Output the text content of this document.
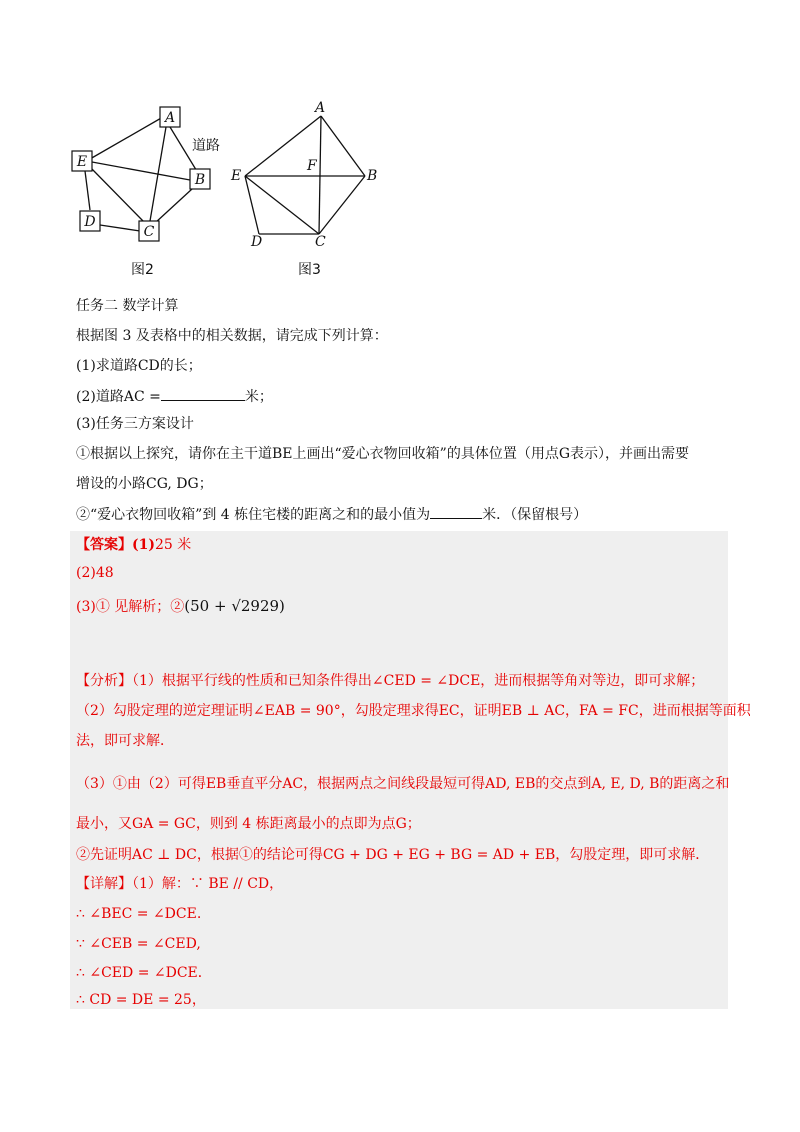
A
E
B
D
C
道路
图2
A
E
F
B
D	C
图3
任务二 数学计算
根据图 3 及表格中的相关数据，请完成下列计算：
(1)求道路CD的长；
(2)道路AC =	米；
(3)任务三方案设计
①根据以上探究，请你在主干道BE上画出“爱心衣物回收箱”的具体位置（用点G表示），并画出需要
增设的小路CG, DG；
②“爱心衣物回收箱”到 4 栋住宅楼的距离之和的最小值为	米．（保留根号）
【答案】(1)25 米
(2)48
(3)① 见解析；②(50 + √2929)
【分析】（1）根据平行线的性质和已知条件得出∠CED = ∠DCE，进而根据等角对等边，即可求解；
（2）勾股定理的逆定理证明∠EAB = 90°，勾股定理求得EC，证明EB ⊥ AC，FA = FC，进而根据等面积
法，即可求解．
（3）①由（2）可得EB垂直平分AC，根据两点之间线段最短可得AD, EB的交点到A, E, D, B的距离之和
最小，又GA = GC，则到 4 栋距离最小的点即为点G；
②先证明AC ⊥ DC，根据①的结论可得CG + DG + EG + BG = AD + EB，勾股定理，即可求解．
【详解】（1）解：∵ BE // CD，
∴ ∠BEC = ∠DCE.
∵ ∠CEB = ∠CED,
∴ ∠CED = ∠DCE．
∴ CD = DE = 25，
